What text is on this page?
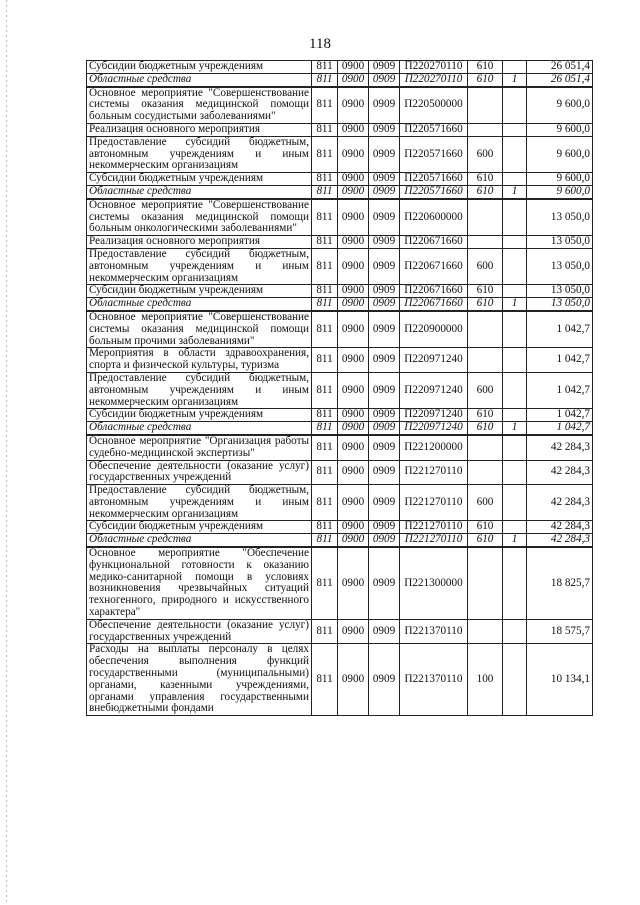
118
Субсидии бюджетным учреждениям	811	0900	0909	П220270110	610		26 051,4
Областные средства	811	0900	0909	П220270110	610	1	26 051,4
Основное мероприятие "Совершенствование системы оказания медицинской помощи больным сосудистыми заболеваниями"	811	0900	0909	П220500000			9 600,0
Реализация основного мероприятия	811	0900	0909	П220571660			9 600,0
Предоставление субсидий бюджетным, автономным учреждениям и иным некоммерческим организациям	811	0900	0909	П220571660	600		9 600,0
Субсидии бюджетным учреждениям	811	0900	0909	П220571660	610		9 600,0
Областные средства	811	0900	0909	П220571660	610	1	9 600,0
Основное мероприятие "Совершенствование системы оказания медицинской помощи больным онкологическими заболеваниями"	811	0900	0909	П220600000			13 050,0
Реализация основного мероприятия	811	0900	0909	П220671660			13 050,0
Предоставление субсидий бюджетным, автономным учреждениям и иным некоммерческим организациям	811	0900	0909	П220671660	600		13 050,0
Субсидии бюджетным учреждениям	811	0900	0909	П220671660	610		13 050,0
Областные средства	811	0900	0909	П220671660	610	1	13 050,0
Основное мероприятие "Совершенствование системы оказания медицинской помощи больным прочими заболеваниями"	811	0900	0909	П220900000			1 042,7
Мероприятия в области здравоохранения, спорта и физической культуры, туризма	811	0900	0909	П220971240			1 042,7
Предоставление субсидий бюджетным, автономным учреждениям и иным некоммерческим организациям	811	0900	0909	П220971240	600		1 042,7
Субсидии бюджетным учреждениям	811	0900	0909	П220971240	610		1 042,7
Областные средства	811	0900	0909	П220971240	610	1	1 042,7
Основное мероприятие "Организация работы судебно-медицинской экспертизы"	811	0900	0909	П221200000			42 284,3
Обеспечение деятельности (оказание услуг) государственных учреждений	811	0900	0909	П221270110			42 284,3
Предоставление субсидий бюджетным, автономным учреждениям и иным некоммерческим организациям	811	0900	0909	П221270110	600		42 284,3
Субсидии бюджетным учреждениям	811	0900	0909	П221270110	610		42 284,3
Областные средства	811	0900	0909	П221270110	610	1	42 284,3
Основное мероприятие "Обеспечение функциональной готовности к оказанию медико-санитарной помощи в условиях возникновения чрезвычайных ситуаций техногенного, природного и искусственного характера"	811	0900	0909	П221300000			18 825,7
Обеспечение деятельности (оказание услуг) государственных учреждений	811	0900	0909	П221370110			18 575,7
Расходы на выплаты персоналу в целях обеспечения выполнения функций государственными (муниципальными) органами, казенными учреждениями, органами управления государственными внебюджетными фондами	811	0900	0909	П221370110	100		10 134,1
